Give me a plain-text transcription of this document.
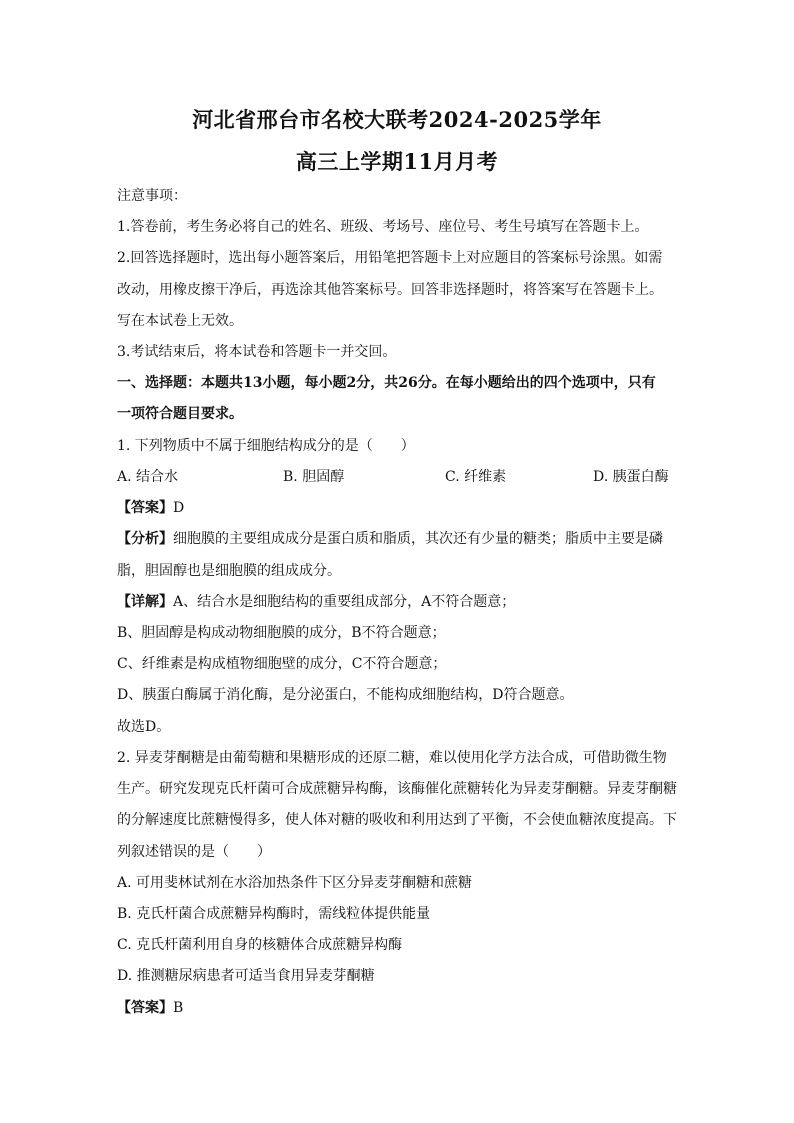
河北省邢台市名校大联考2024-2025学年
高三上学期11月月考
注意事项：
1.答卷前，考生务必将自己的姓名、班级、考场号、座位号、考生号填写在答题卡上。
2.回答选择题时，选出每小题答案后，用铅笔把答题卡上对应题目的答案标号涂黑。如需
改动，用橡皮擦干净后，再选涂其他答案标号。回答非选择题时，将答案写在答题卡上。
写在本试卷上无效。
3.考试结束后，将本试卷和答题卡一并交回。
一、选择题：本题共13小题，每小题2分，共26分。在每小题给出的四个选项中，只有
一项符合题目要求。
1. 下列物质中不属于细胞结构成分的是（　　）
A. 结合水	B. 胆固醇	C. 纤维素	D. 胰蛋白酶
【答案】D
【分析】细胞膜的主要组成成分是蛋白质和脂质，其次还有少量的糖类；脂质中主要是磷
脂，胆固醇也是细胞膜的组成成分。
【详解】A、结合水是细胞结构的重要组成部分，A不符合题意；
B、胆固醇是构成动物细胞膜的成分，B不符合题意；
C、纤维素是构成植物细胞壁的成分，C不符合题意；
D、胰蛋白酶属于消化酶，是分泌蛋白，不能构成细胞结构，D符合题意。
故选D。
2. 异麦芽酮糖是由葡萄糖和果糖形成的还原二糖，难以使用化学方法合成，可借助微生物
生产。研究发现克氏杆菌可合成蔗糖异构酶，该酶催化蔗糖转化为异麦芽酮糖。异麦芽酮糖
的分解速度比蔗糖慢得多，使人体对糖的吸收和利用达到了平衡，不会使血糖浓度提高。下
列叙述错误的是（　　）
A. 可用斐林试剂在水浴加热条件下区分异麦芽酮糖和蔗糖
B. 克氏杆菌合成蔗糖异构酶时，需线粒体提供能量
C. 克氏杆菌利用自身的核糖体合成蔗糖异构酶
D. 推测糖尿病患者可适当食用异麦芽酮糖
【答案】B
